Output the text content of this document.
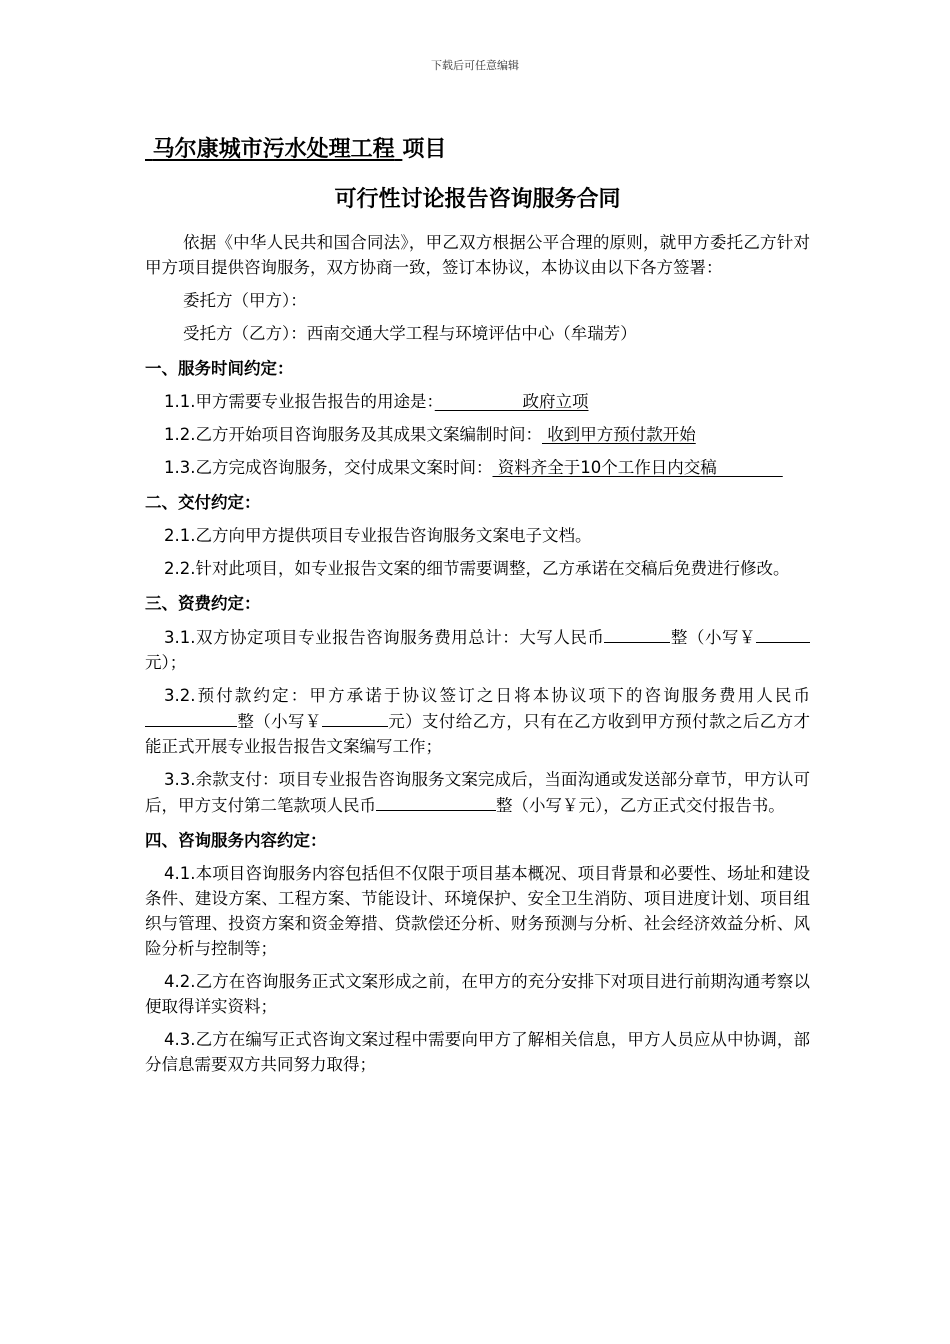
下载后可任意编辑
马尔康城市污水处理工程 项目
可行性讨论报告咨询服务合同
依据《中华人民共和国合同法》，甲乙双方根据公平合理的原则，就甲方委托乙方针对甲方项目提供咨询服务，双方协商一致，签订本协议，本协议由以下各方签署：
委托方（甲方）：
受托方（乙方）：西南交通大学工程与环境评估中心（牟瑞芳）
一、服务时间约定：
1.1.甲方需要专业报告报告的用途是：　　　　　 政府立项
1.2.乙方开始项目咨询服务及其成果文案编制时间： 收到甲方预付款开始
1.3.乙方完成咨询服务，交付成果文案时间： 资料齐全于10个工作日内交稿　　　　
二、交付约定：
2.1.乙方向甲方提供项目专业报告咨询服务文案电子文档。
2.2.针对此项目，如专业报告文案的细节需要调整，乙方承诺在交稿后免费进行修改。
三、资费约定：
3.1.双方协定项目专业报告咨询服务费用总计：大写人民币	整（小写￥元）；
3.2.预付款约定：甲方承诺于协议签订之日将本协议项下的咨询服务费用人民币整（小写￥	元）支付给乙方，只有在乙方收到甲方预付款之后乙方才能正式开展专业报告报告文案编写工作；
3.3.余款支付：项目专业报告咨询服务文案完成后，当面沟通或发送部分章节，甲方认可后，甲方支付第二笔款项人民币	整（小写￥元），乙方正式交付报告书。
四、咨询服务内容约定：
4.1.本项目咨询服务内容包括但不仅限于项目基本概况、项目背景和必要性、场址和建设条件、建设方案、工程方案、节能设计、环境保护、安全卫生消防、项目进度计划、项目组织与管理、投资方案和资金筹措、贷款偿还分析、财务预测与分析、社会经济效益分析、风险分析与控制等；
4.2.乙方在咨询服务正式文案形成之前，在甲方的充分安排下对项目进行前期沟通考察以便取得详实资料；
4.3.乙方在编写正式咨询文案过程中需要向甲方了解相关信息，甲方人员应从中协调，部分信息需要双方共同努力取得；
